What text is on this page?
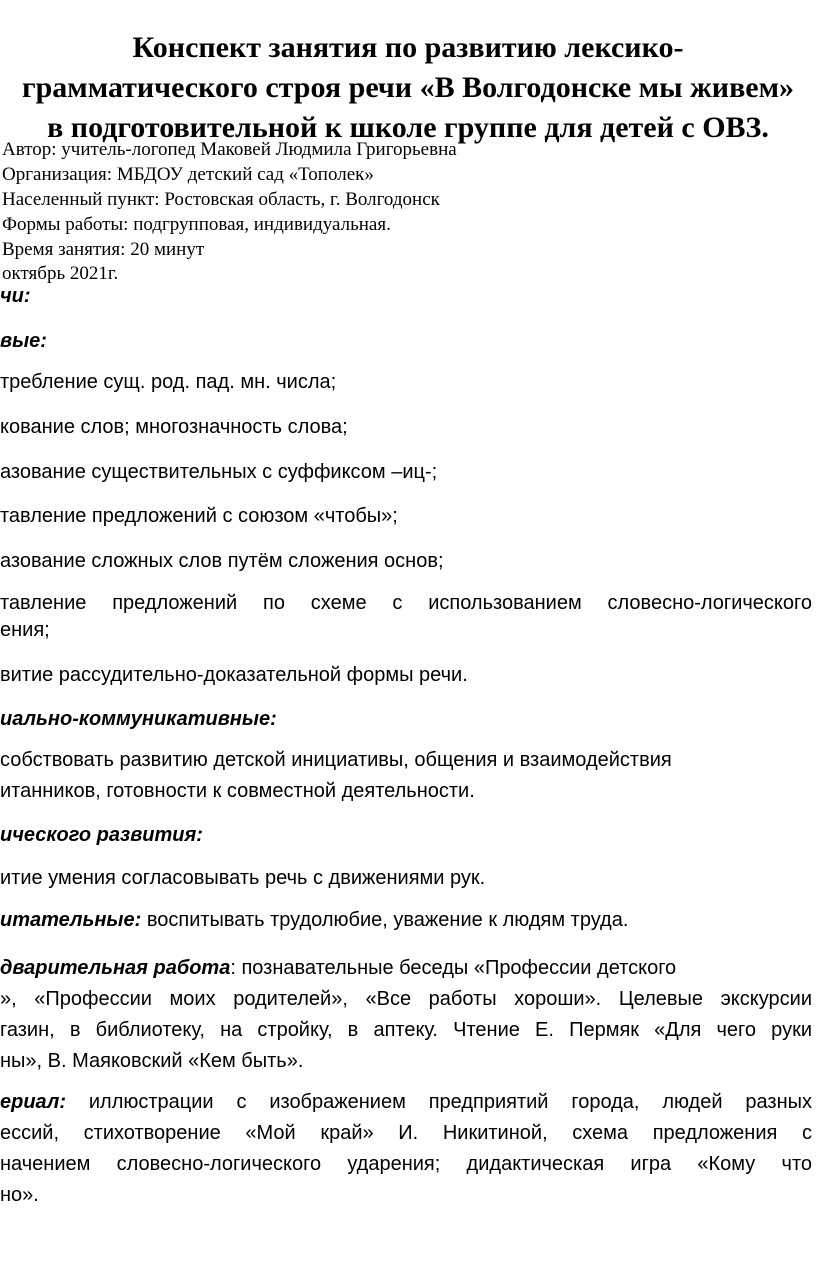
Конспект занятия по развитию лексико-
грамматического строя речи «В Волгодонске мы живем»
в подготовительной к школе группе для детей с ОВЗ.
Автор: учитель-логопед Маковей Людмила Григорьевна
Организация: МБДОУ детский сад «Тополек»
Населенный пункт: Ростовская область, г. Волгодонск
Формы работы: подгрупповая, индивидуальная.
Время занятия: 20 минут
октябрь 2021г.
чи:
вые:
требление сущ. род. пад. мн. числа;
кование слов; многозначность слова;
азование существительных с суффиксом –иц-;
тавление предложений с союзом «чтобы»;
азование сложных слов путём сложения основ;
тавление предложений по схеме с использованием словесно-логического
ения;
витие рассудительно-доказательной формы речи.
иально-коммуникативные:
собствовать развитию детской инициативы, общения и взаимодействия
итанников, готовности к совместной деятельности.
ического развития:
итие умения согласовывать речь с движениями рук.
итательные: воспитывать трудолюбие, уважение к людям труда.
дварительная работа: познавательные беседы «Профессии детского
», «Профессии моих родителей», «Все работы хороши». Целевые экскурсии
газин, в библиотеку, на стройку, в аптеку. Чтение Е. Пермяк «Для чего руки
ны», В. Маяковский «Кем быть».
ериал: иллюстрации с изображением предприятий города, людей разных
ессий, стихотворение «Мой край» И. Никитиной, схема предложения с
начением словесно-логического ударения; дидактическая игра «Кому что
но».
